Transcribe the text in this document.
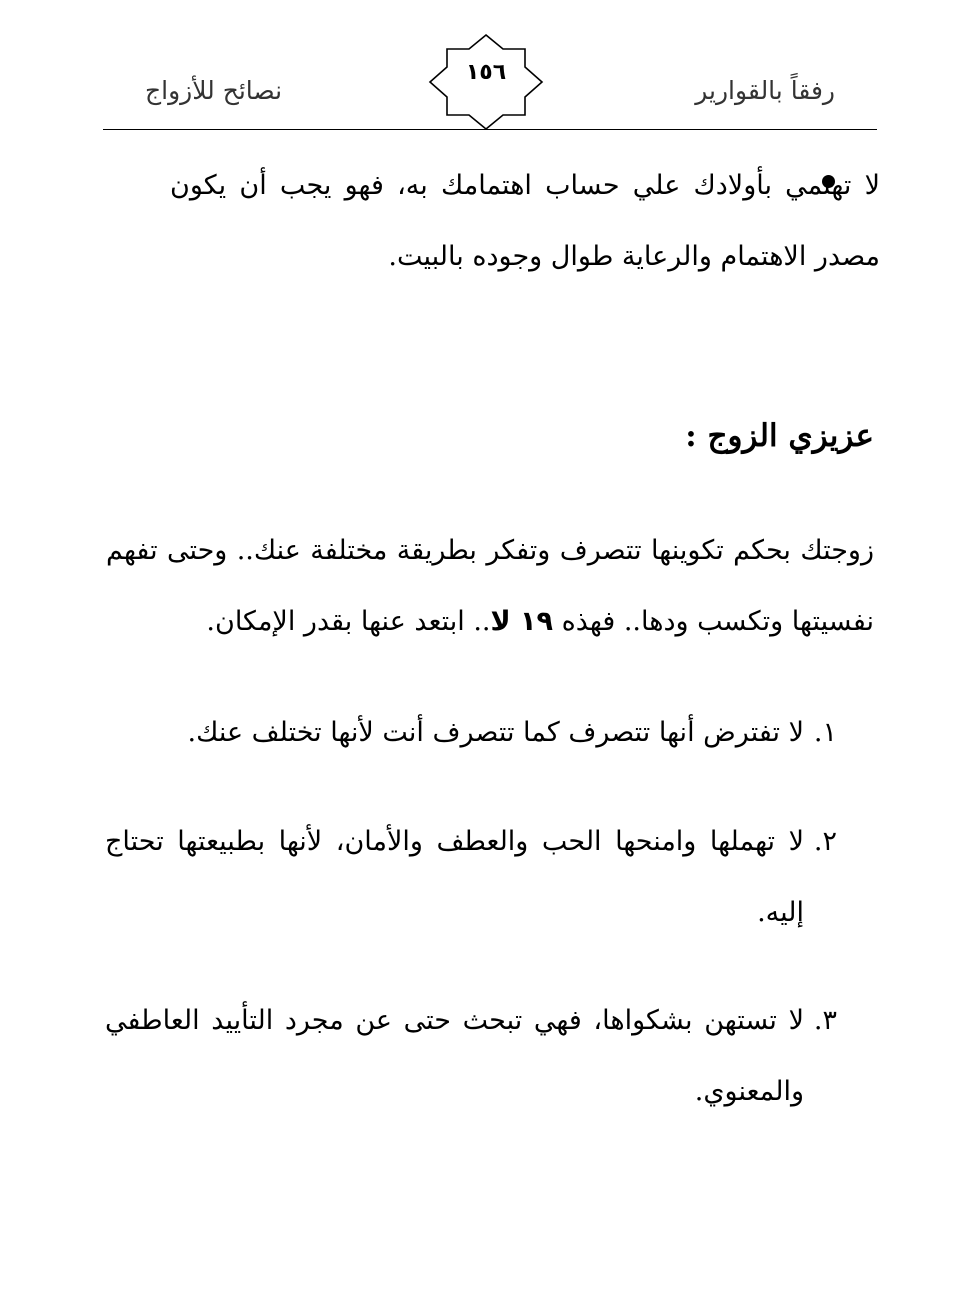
رفقاً بالقوارير
١٥٦
نصائح للأزواج
لا تهتمي بأولادك علي حساب اهتمامك به، فهو يجب أن يكون مصدر الاهتمام والرعاية طوال وجوده بالبيت.
عزيزي الزوج :
زوجتك بحكم تكوينها تتصرف وتفكر بطريقة مختلفة عنك.. وحتى تفهم نفسيتها وتكسب ودها.. فهذه ١٩ لا.. ابتعد عنها بقدر الإمكان.
١.
لا تفترض أنها تتصرف كما تتصرف أنت لأنها تختلف عنك.
٢.
لا تهملها وامنحها الحب والعطف والأمان، لأنها بطبيعتها تحتاج إليه.
٣.
لا تستهن بشكواها، فهي تبحث حتى عن مجرد التأييد العاطفي والمعنوي.
